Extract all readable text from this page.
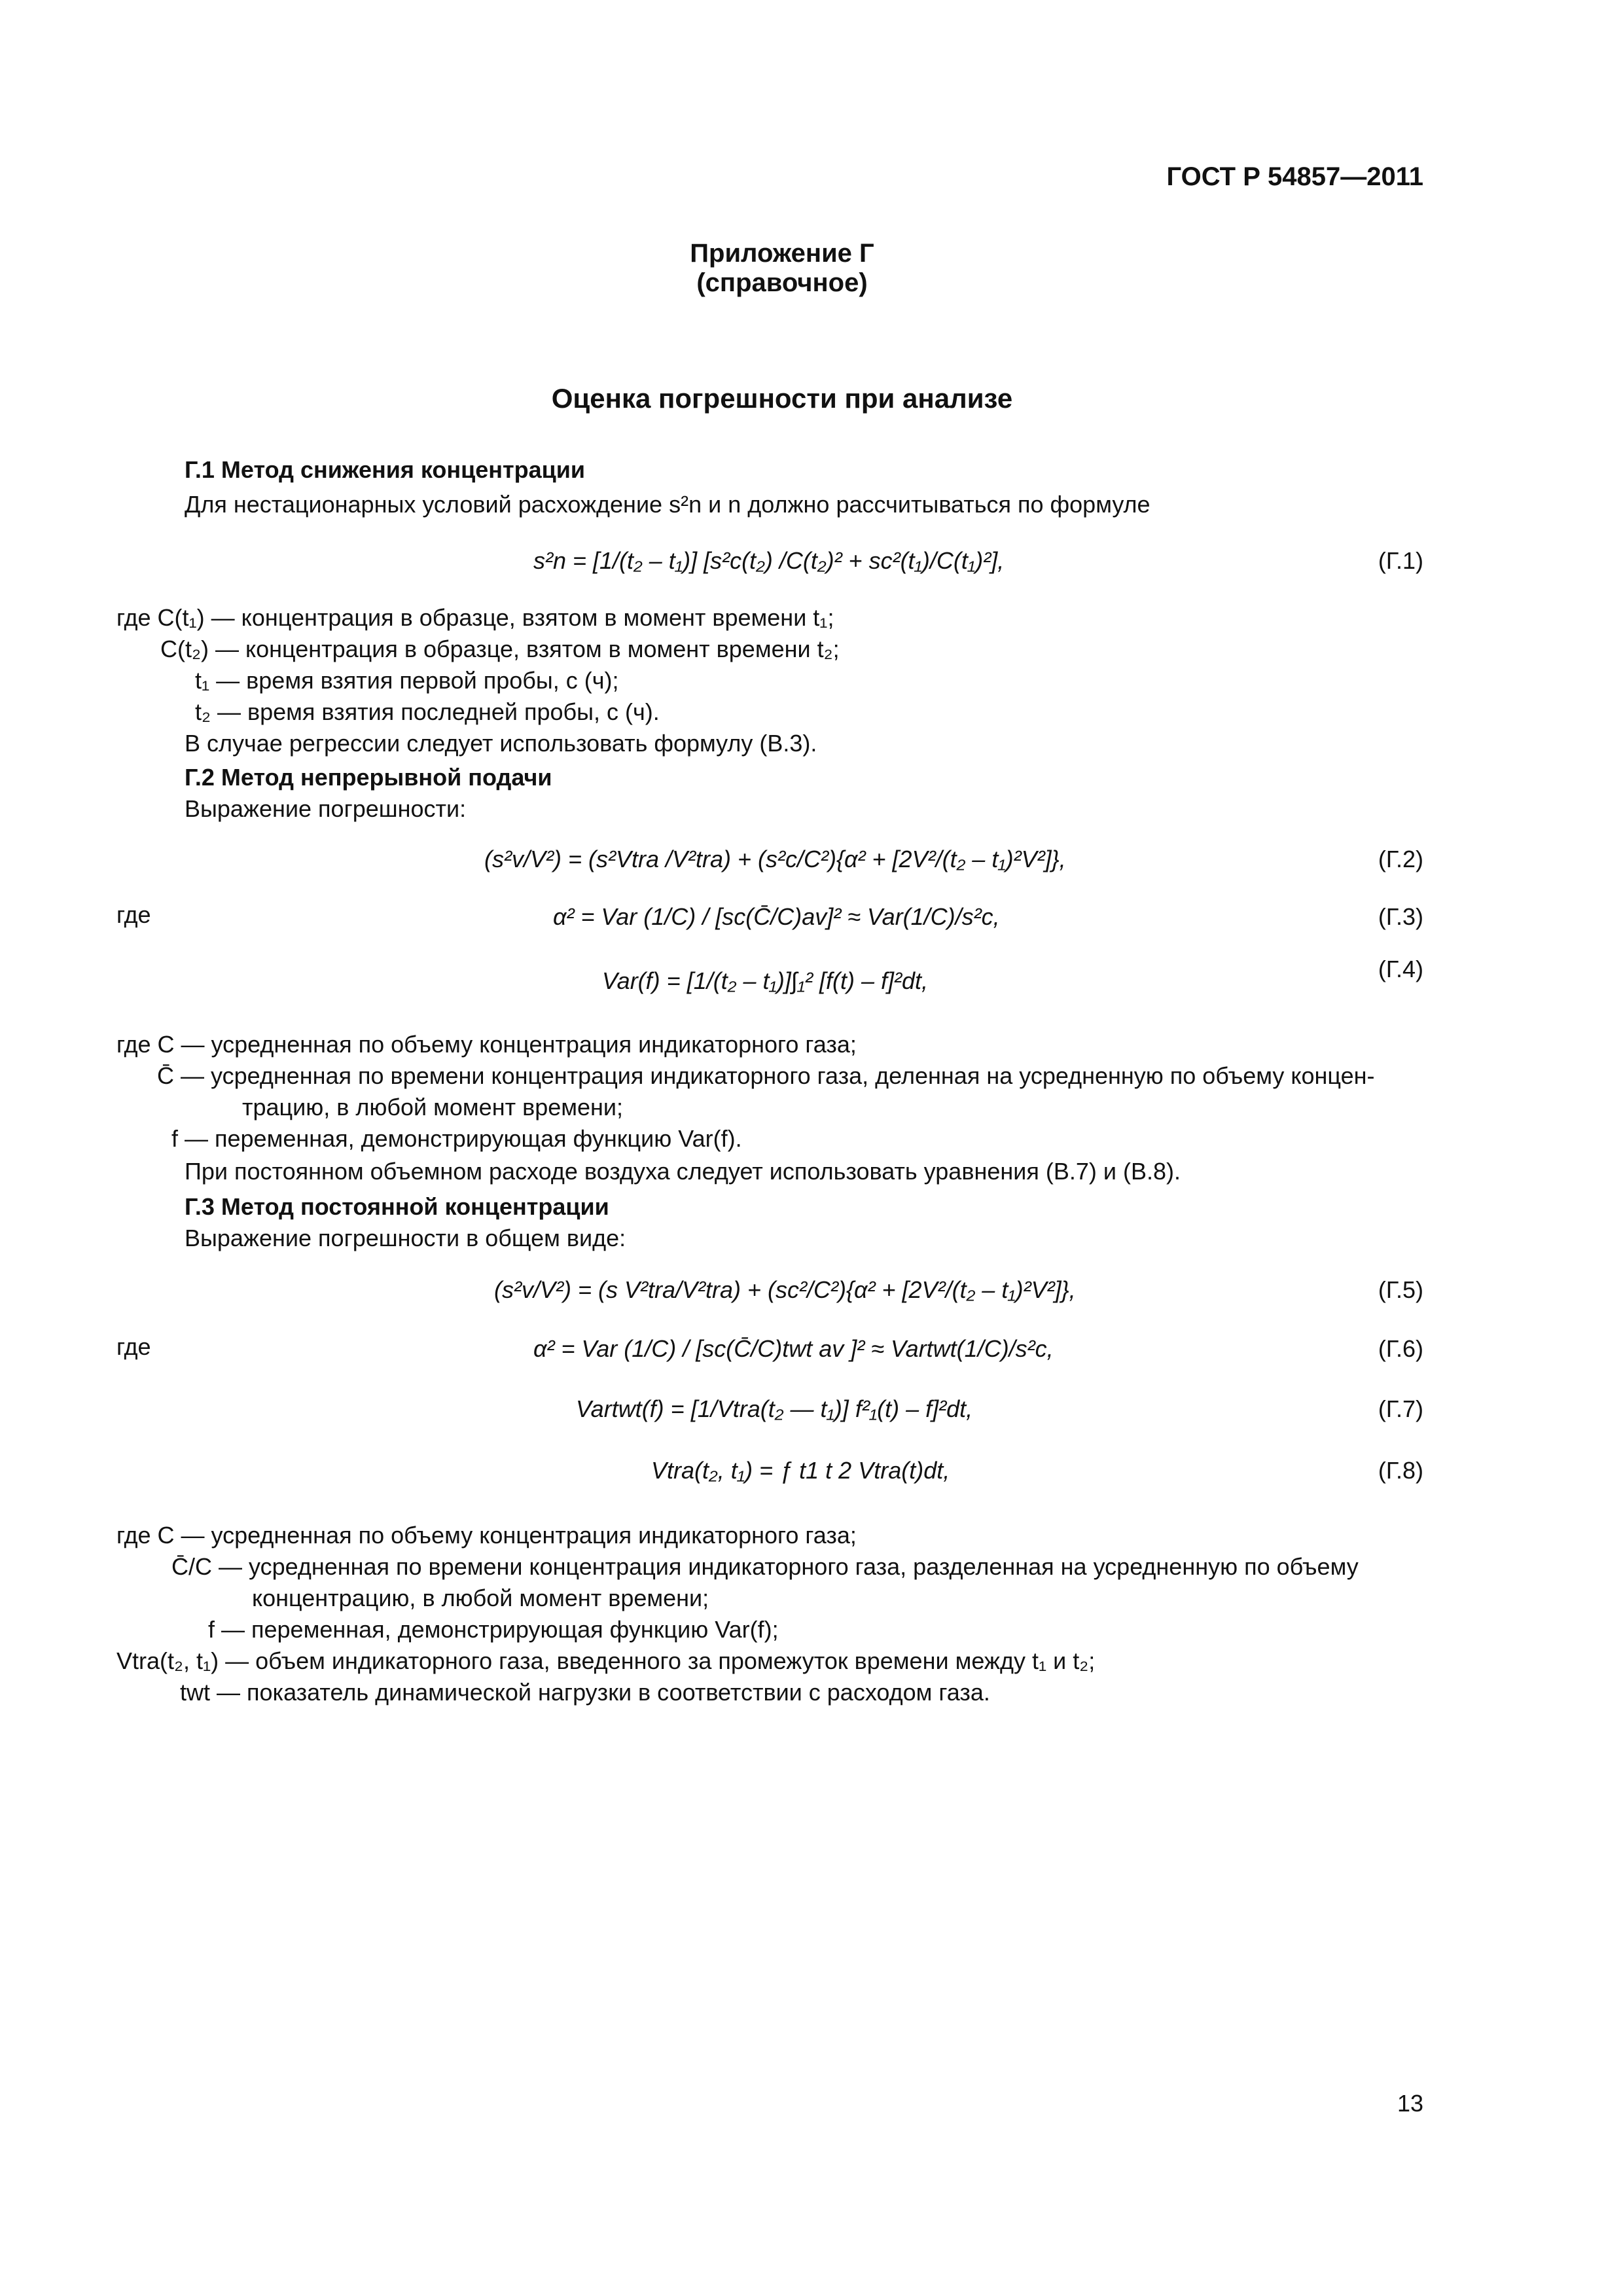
ГОСТ Р 54857—2011
Приложение Г
(справочное)
Оценка погрешности при анализе
Г.1 Метод снижения концентрации
Для нестационарных условий расхождение s²n и n должно рассчитываться по формуле
s²n = [1/(t₂ – t₁)] [s²c(t₂) /C(t₂)² + sc²(t₁)/C(t₁)²],	(Г.1)
где C(t₁) — концентрация в образце, взятом в момент времени t₁;
C(t₂) — концентрация в образце, взятом в момент времени t₂;
t₁ — время взятия первой пробы, с (ч);
t₂ — время взятия последней пробы, с (ч).
В случае регрессии следует использовать формулу (В.3).
Г.2 Метод непрерывной подачи
Выражение погрешности:
(s²v/V²) = (s²Vtra /V²tra) + (s²c/C²){α² + [2V²/(t₂ – t₁)²V²]},	(Г.2)
где	α² = Var (1/C) / [sc(C̄/C)av]² ≈ Var(1/C)/s²c,	(Г.3)
Var(f) = [1/(t₂ – t₁)]∫₁² [f(t) – f]²dt,	(Г.4)
где C — усредненная по объему концентрация индикаторного газа;
C̄ — усредненная по времени концентрация индикаторного газа, деленная на усредненную по объему концен-
трацию, в любой момент времени;
f — переменная, демонстрирующая функцию Var(f).
При постоянном объемном расходе воздуха следует использовать уравнения (В.7) и (В.8).
Г.3 Метод постоянной концентрации
Выражение погрешности в общем виде:
(s²v/V²) = (s V²tra/V²tra) + (sc²/C²){α² + [2V²/(t₂ – t₁)²V²]},	(Г.5)
где	α² = Var (1/C) / [sc(C̄/C)twt av ]² ≈ Vartwt(1/C)/s²c,	(Г.6)
Vartwt(f) = [1/Vtra(t₂ — t₁)] f²₁(t) – f]²dt,	(Г.7)
Vtra(t₂, t₁) = ƒ t1 t 2 Vtra(t)dt,	(Г.8)
где C — усредненная по объему концентрация индикаторного газа;
C̄/C — усредненная по времени концентрация индикаторного газа, разделенная на усредненную по объему
концентрацию, в любой момент времени;
f — переменная, демонстрирующая функцию Var(f);
Vtra(t₂, t₁) — объем индикаторного газа, введенного за промежуток времени между t₁ и t₂;
twt — показатель динамической нагрузки в соответствии с расходом газа.
13
